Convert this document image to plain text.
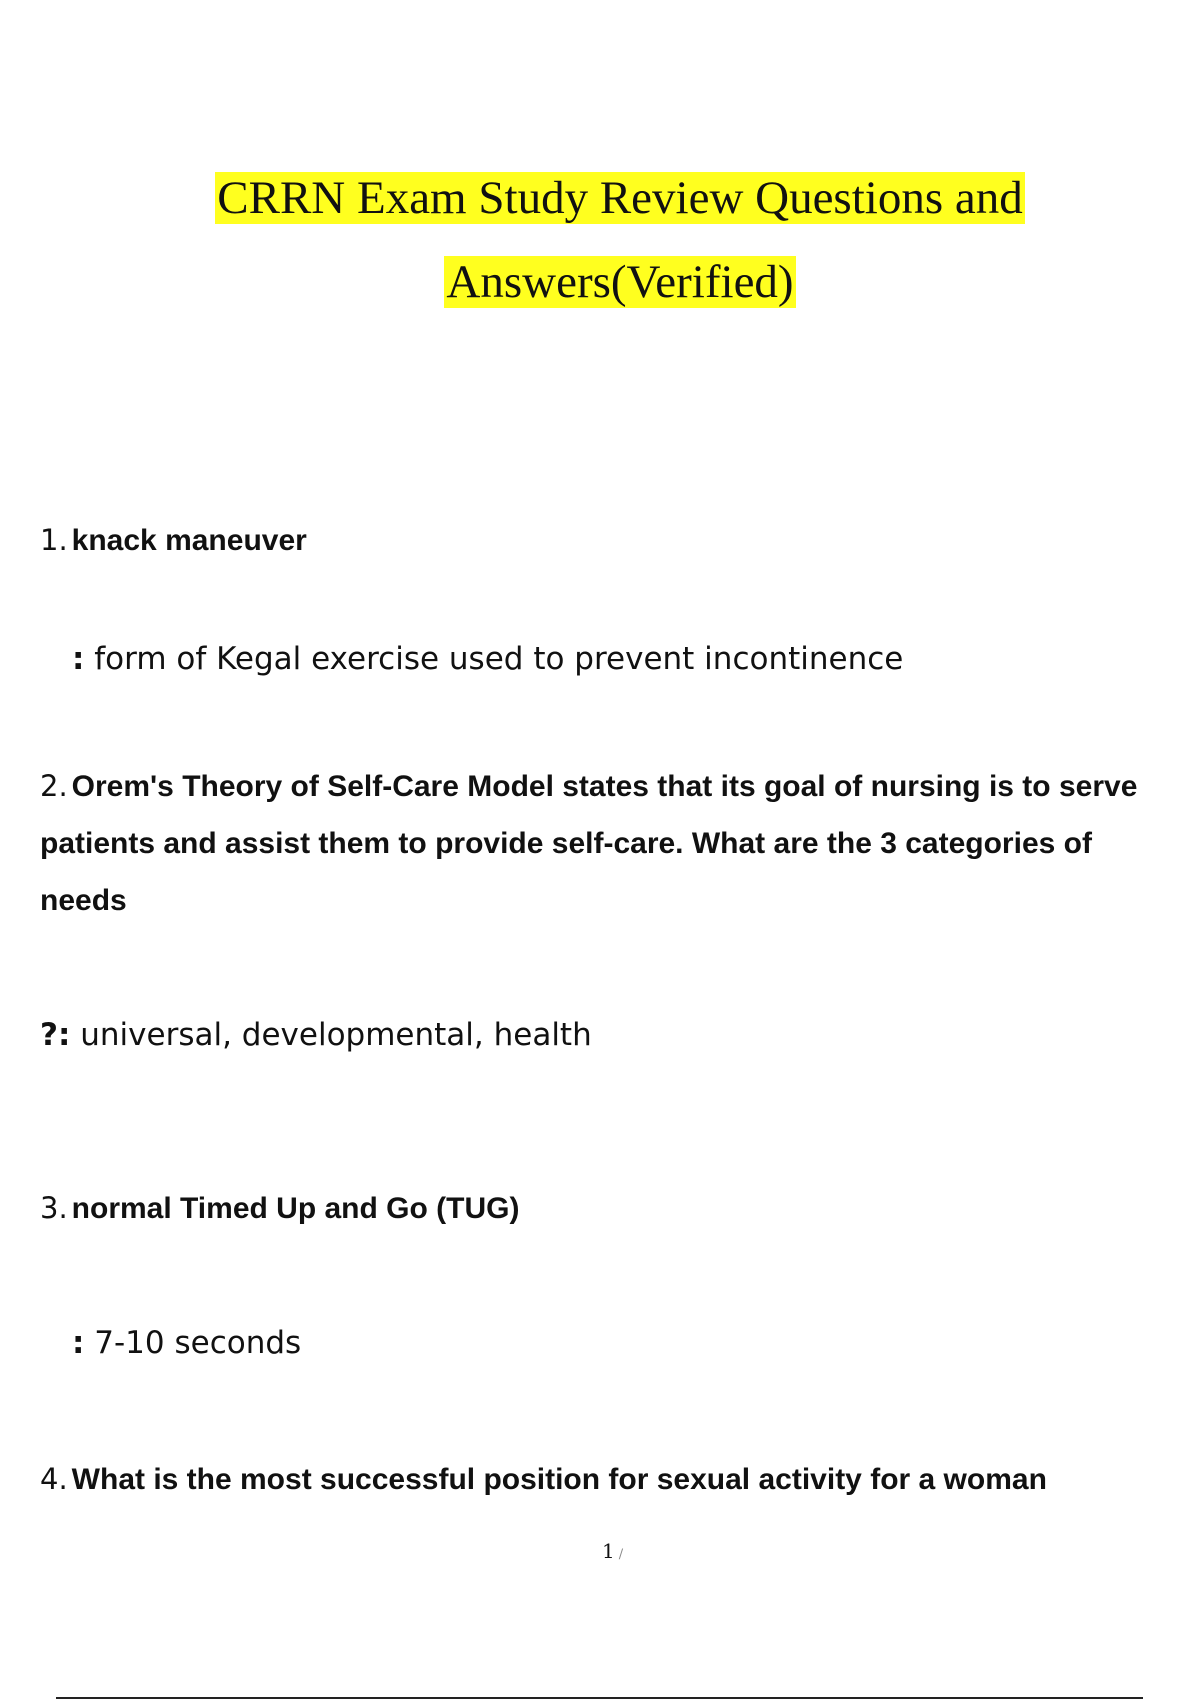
CRRN Exam Study Review Questions and
Answers(Verified)
1. knack maneuver
: form of Kegal exercise used to prevent incontinence
2. Orem's Theory of Self-Care Model states that its goal of nursing is to serve patients and assist them to provide self-care. What are the 3 categories of needs
?: universal, developmental, health
3. normal Timed Up and Go (TUG)
: 7-10 seconds
4. What is the most successful position for sexual activity for a woman
1 /
